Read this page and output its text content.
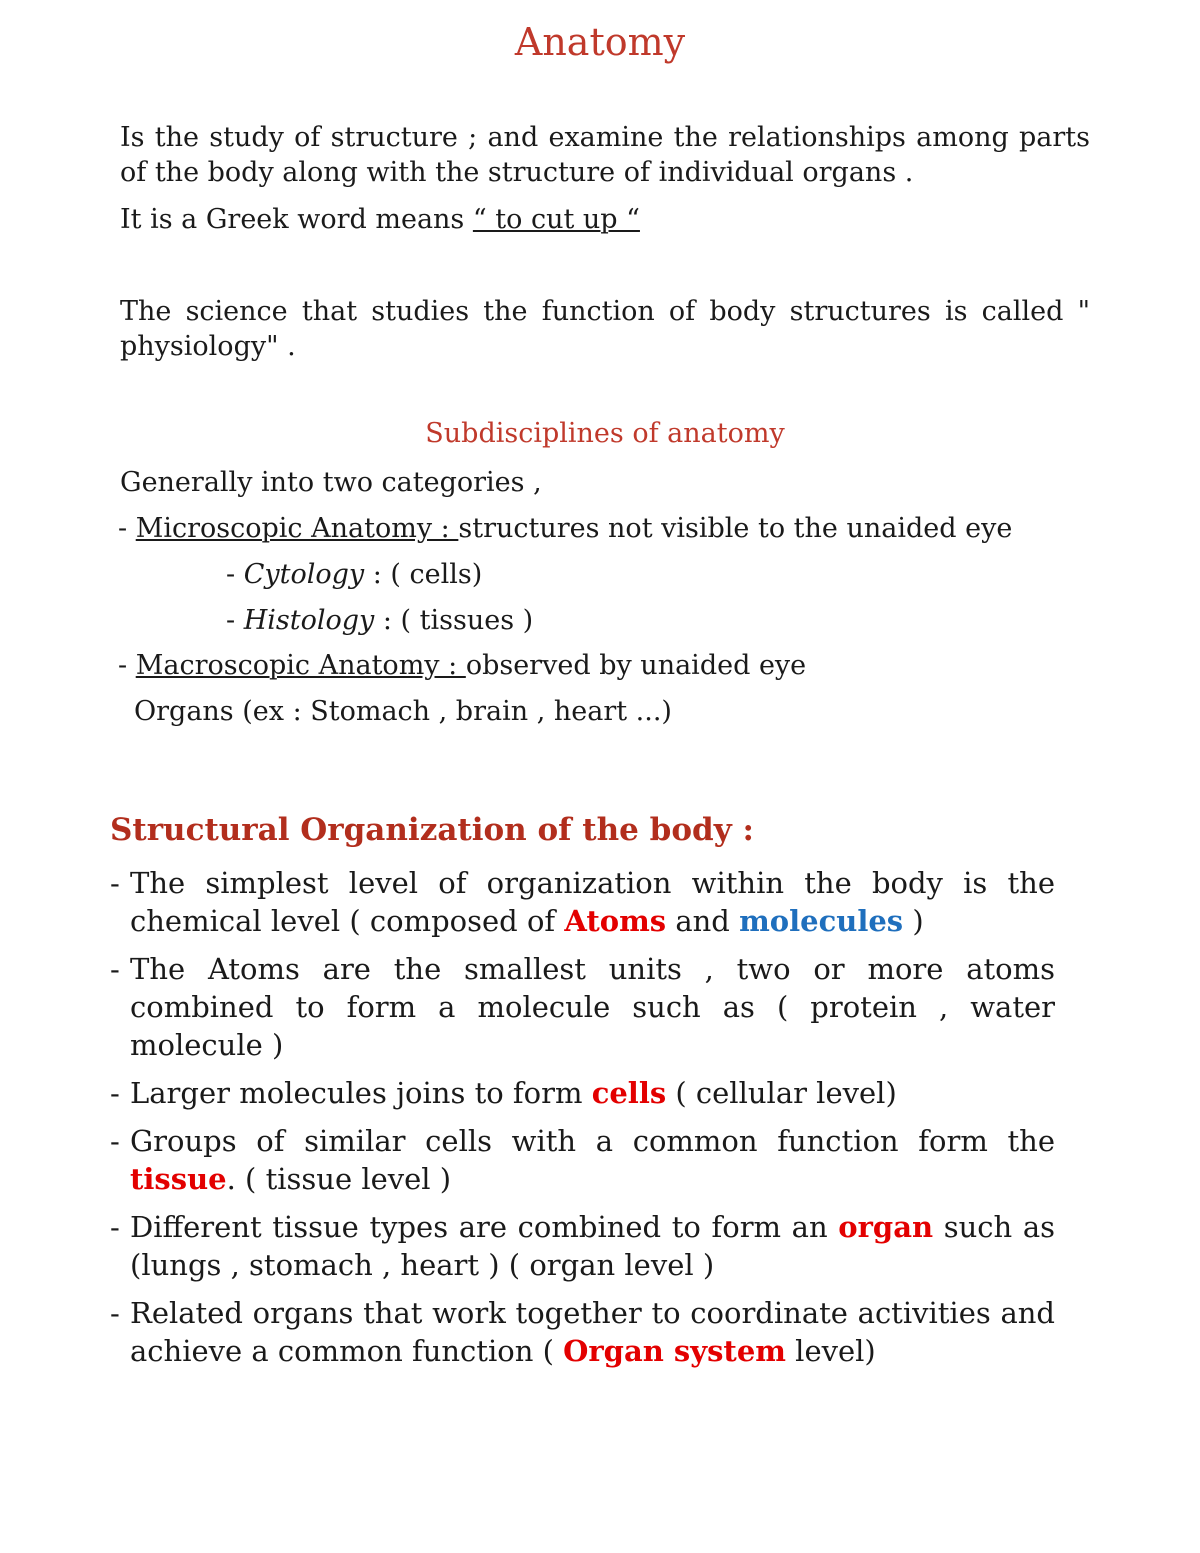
Anatomy
Is the study of structure ; and examine the relationships among parts of the body along with the structure of individual organs .
It is a Greek word means “ to cut up “
The science that studies the function of body structures is called " physiology" .
Subdisciplines of anatomy
Generally into two categories ,
- Microscopic Anatomy : structures not visible to the unaided eye
- Cytology : ( cells)
- Histology : ( tissues )
- Macroscopic Anatomy : observed by unaided eye
Organs (ex : Stomach , brain , heart ...)
Structural Organization of the body :
- The simplest level of organization within the body is the chemical level ( composed of Atoms and molecules )
- The Atoms are the smallest units , two or more atoms combined to form a molecule such as ( protein , water molecule )
- Larger molecules joins to form cells ( cellular level)
- Groups of similar cells with a common function form the tissue. ( tissue level )
- Different tissue types are combined to form an organ such as (lungs , stomach , heart ) ( organ level )
- Related organs that work together to coordinate activities and achieve a common function ( Organ system level)
